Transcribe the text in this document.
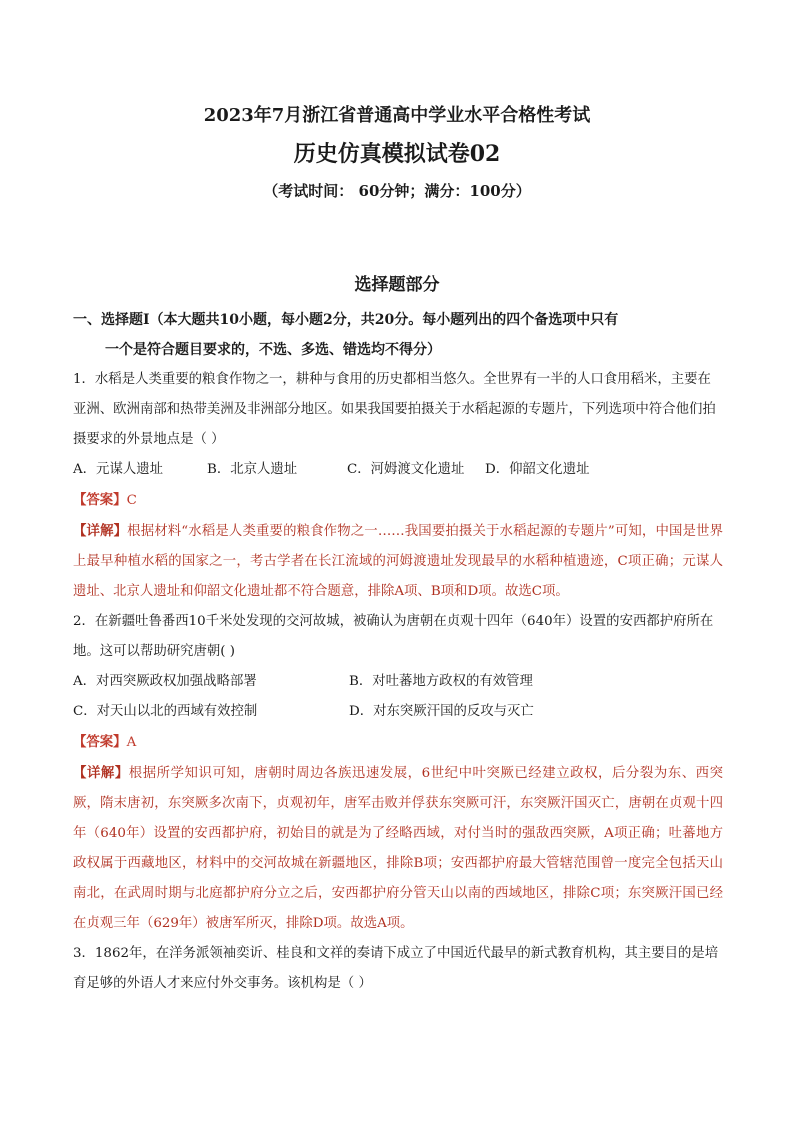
2023年7月浙江省普通高中学业水平合格性考试
历史仿真模拟试卷02
（考试时间： 60分钟；满分：100分）
选择题部分

一、选择题Ⅰ（本大题共10小题，每小题2分，共20分。每小题列出的四个备选项中只有
一个是符合题目要求的，不选、多选、错选均不得分）

1．水稻是人类重要的粮食作物之一，耕种与食用的历史都相当悠久。全世界有一半的人口食用稻米，主要在亚洲、欧洲南部和热带美洲及非洲部分地区。如果我国要拍摄关于水稻起源的专题片，下列选项中符合他们拍摄要求的外景地点是（ ）

A．元谋人遗址	B．北京人遗址	C．河姆渡文化遗址	D．仰韶文化遗址

【答案】C

【详解】根据材料“水稻是人类重要的粮食作物之一……我国要拍摄关于水稻起源的专题片”可知，中国是世界上最早种植水稻的国家之一，考古学者在长江流域的河姆渡遗址发现最早的水稻种植遗迹，C项正确；元谋人遗址、北京人遗址和仰韶文化遗址都不符合题意，排除A项、B项和D项。故选C项。

2．在新疆吐鲁番西10千米处发现的交河故城，被确认为唐朝在贞观十四年（640年）设置的安西都护府所在地。这可以帮助研究唐朝( )

A．对西突厥政权加强战略部署	B．对吐蕃地方政权的有效管理

C．对天山以北的西域有效控制	D．对东突厥汗国的反攻与灭亡

【答案】A

【详解】根据所学知识可知，唐朝时周边各族迅速发展，6世纪中叶突厥已经建立政权，后分裂为东、西突厥，隋末唐初，东突厥多次南下，贞观初年，唐军击败并俘获东突厥可汗，东突厥汗国灭亡，唐朝在贞观十四年（640年）设置的安西都护府，初始目的就是为了经略西域，对付当时的强敌西突厥，A项正确；吐蕃地方政权属于西藏地区，材料中的交河故城在新疆地区，排除B项；安西都护府最大管辖范围曾一度完全包括天山南北，在武周时期与北庭都护府分立之后，安西都护府分管天山以南的西域地区，排除C项；东突厥汗国已经在贞观三年（629年）被唐军所灭，排除D项。故选A项。

3．1862年，在洋务派领袖奕䜣、桂良和文祥的奏请下成立了中国近代最早的新式教育机构，其主要目的是培育足够的外语人才来应付外交事务。该机构是（ ）
